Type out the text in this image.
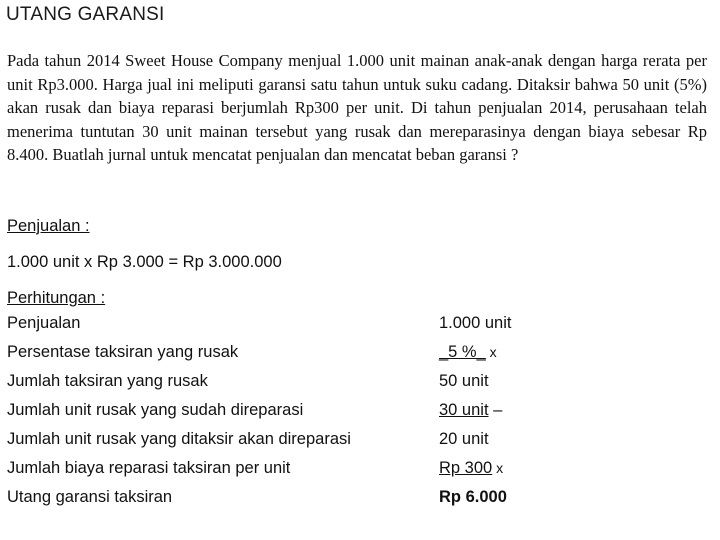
UTANG GARANSI
Pada tahun 2014 Sweet House Company menjual 1.000 unit mainan anak-anak dengan harga rerata per unit Rp3.000. Harga jual ini meliputi garansi satu tahun untuk suku cadang. Ditaksir bahwa 50 unit (5%) akan rusak dan biaya reparasi berjumlah Rp300 per unit. Di tahun penjualan 2014, perusahaan telah menerima tuntutan 30 unit mainan tersebut yang rusak dan mereparasinya dengan biaya sebesar Rp 8.400. Buatlah jurnal untuk mencatat penjualan dan mencatat beban garansi ?
Penjualan :
1.000 unit x Rp 3.000 = Rp 3.000.000
Perhitungan :
Penjualan	1.000 unit
Persentase taksiran yang rusak	_5 %_ x
Jumlah taksiran yang rusak	50 unit
Jumlah unit rusak yang sudah direparasi	30 unit –
Jumlah unit rusak yang ditaksir akan direparasi	20 unit
Jumlah biaya reparasi taksiran per unit	Rp 300 x
Utang garansi taksiran	Rp 6.000
